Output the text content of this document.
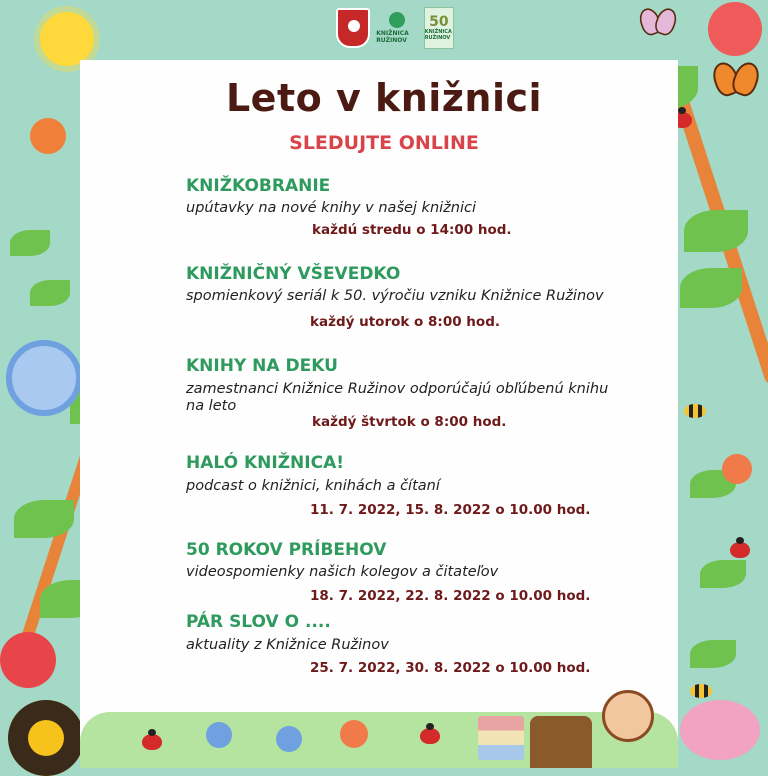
KNIŽNICA RUŽINOV
50
KNIŽNICA RUŽINOV
Leto v knižnici
SLEDUJTE ONLINE
KNIŽKOBRANIE
upútavky na nové knihy v našej knižnici
každú stredu o 14:00 hod.
KNIŽNIČNÝ VŠEVEDKO
spomienkový seriál k 50. výročiu vzniku Knižnice Ružinov
každý utorok o 8:00 hod.
KNIHY NA DEKU
zamestnanci Knižnice Ružinov odporúčajú obľúbenú knihu na leto
každý štvrtok o 8:00 hod.
HALÓ KNIŽNICA!
podcast o knižnici, knihách a čítaní
11. 7. 2022, 15. 8. 2022 o 10.00 hod.
50 ROKOV PRÍBEHOV
videospomienky našich kolegov a čitateľov
18. 7. 2022, 22. 8. 2022 o 10.00 hod.
PÁR SLOV O ....
aktuality z Knižnice Ružinov
25. 7. 2022, 30. 8. 2022 o 10.00 hod.
